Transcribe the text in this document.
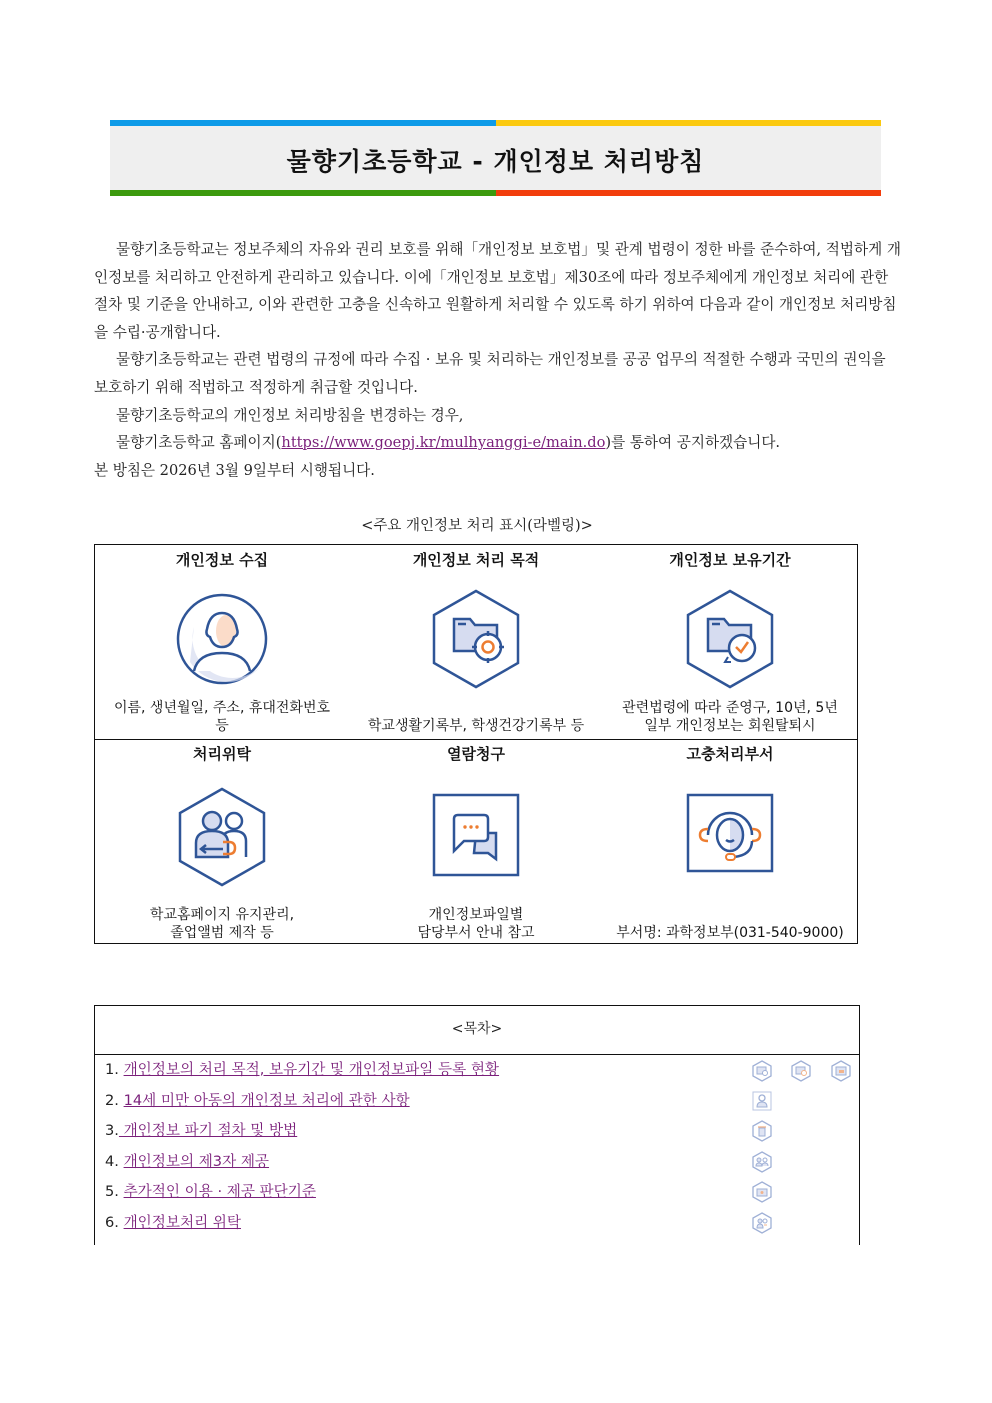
물향기초등학교 - 개인정보 처리방침

물향기초등학교는 정보주체의 자유와 권리 보호를 위해「개인정보 보호법」및 관계 법령이 정한 바를 준수하여, 적법하게 개인정보를 처리하고 안전하게 관리하고 있습니다. 이에「개인정보 보호법」제30조에 따라 정보주체에게 개인정보 처리에 관한 절차 및 기준을 안내하고, 이와 관련한 고충을 신속하고 원활하게 처리할 수 있도록 하기 위하여 다음과 같이 개인정보 처리방침을 수립·공개합니다.

물향기초등학교는 관련 법령의 규정에 따라 수집 · 보유 및 처리하는 개인정보를 공공 업무의 적절한 수행과 국민의 권익을 보호하기 위해 적법하고 적정하게 취급할 것입니다.

물향기초등학교의 개인정보 처리방침을 변경하는 경우,

물향기초등학교 홈페이지(https://www.goepj.kr/mulhyanggi-e/main.do)를 통하여 공지하겠습니다.

본 방침은 2026년 3월 9일부터 시행됩니다.

<주요 개인정보 처리 표시(라벨링)>
개인정보 수집
이름, 생년월일, 주소, 휴대전화번호
등
개인정보 처리 목적
학교생활기록부, 학생건강기록부 등
개인정보 보유기간
관련법령에 따라 준영구, 10년, 5년
일부 개인정보는 회원탈퇴시
처리위탁
학교홈페이지 유지관리,
졸업앨범 제작 등
열람청구
개인정보파일별
담당부서 안내 참고
고충처리부서
부서명: 과학정보부(031-540-9000)
<목차>
1. 개인정보의 처리 목적, 보유기간 및 개인정보파일 등록 현황
2. 14세 미만 아동의 개인정보 처리에 관한 사항
3. 개인정보 파기 절차 및 방법
4. 개인정보의 제3자 제공
5. 추가적인 이용 · 제공 판단기준
6. 개인정보처리 위탁
